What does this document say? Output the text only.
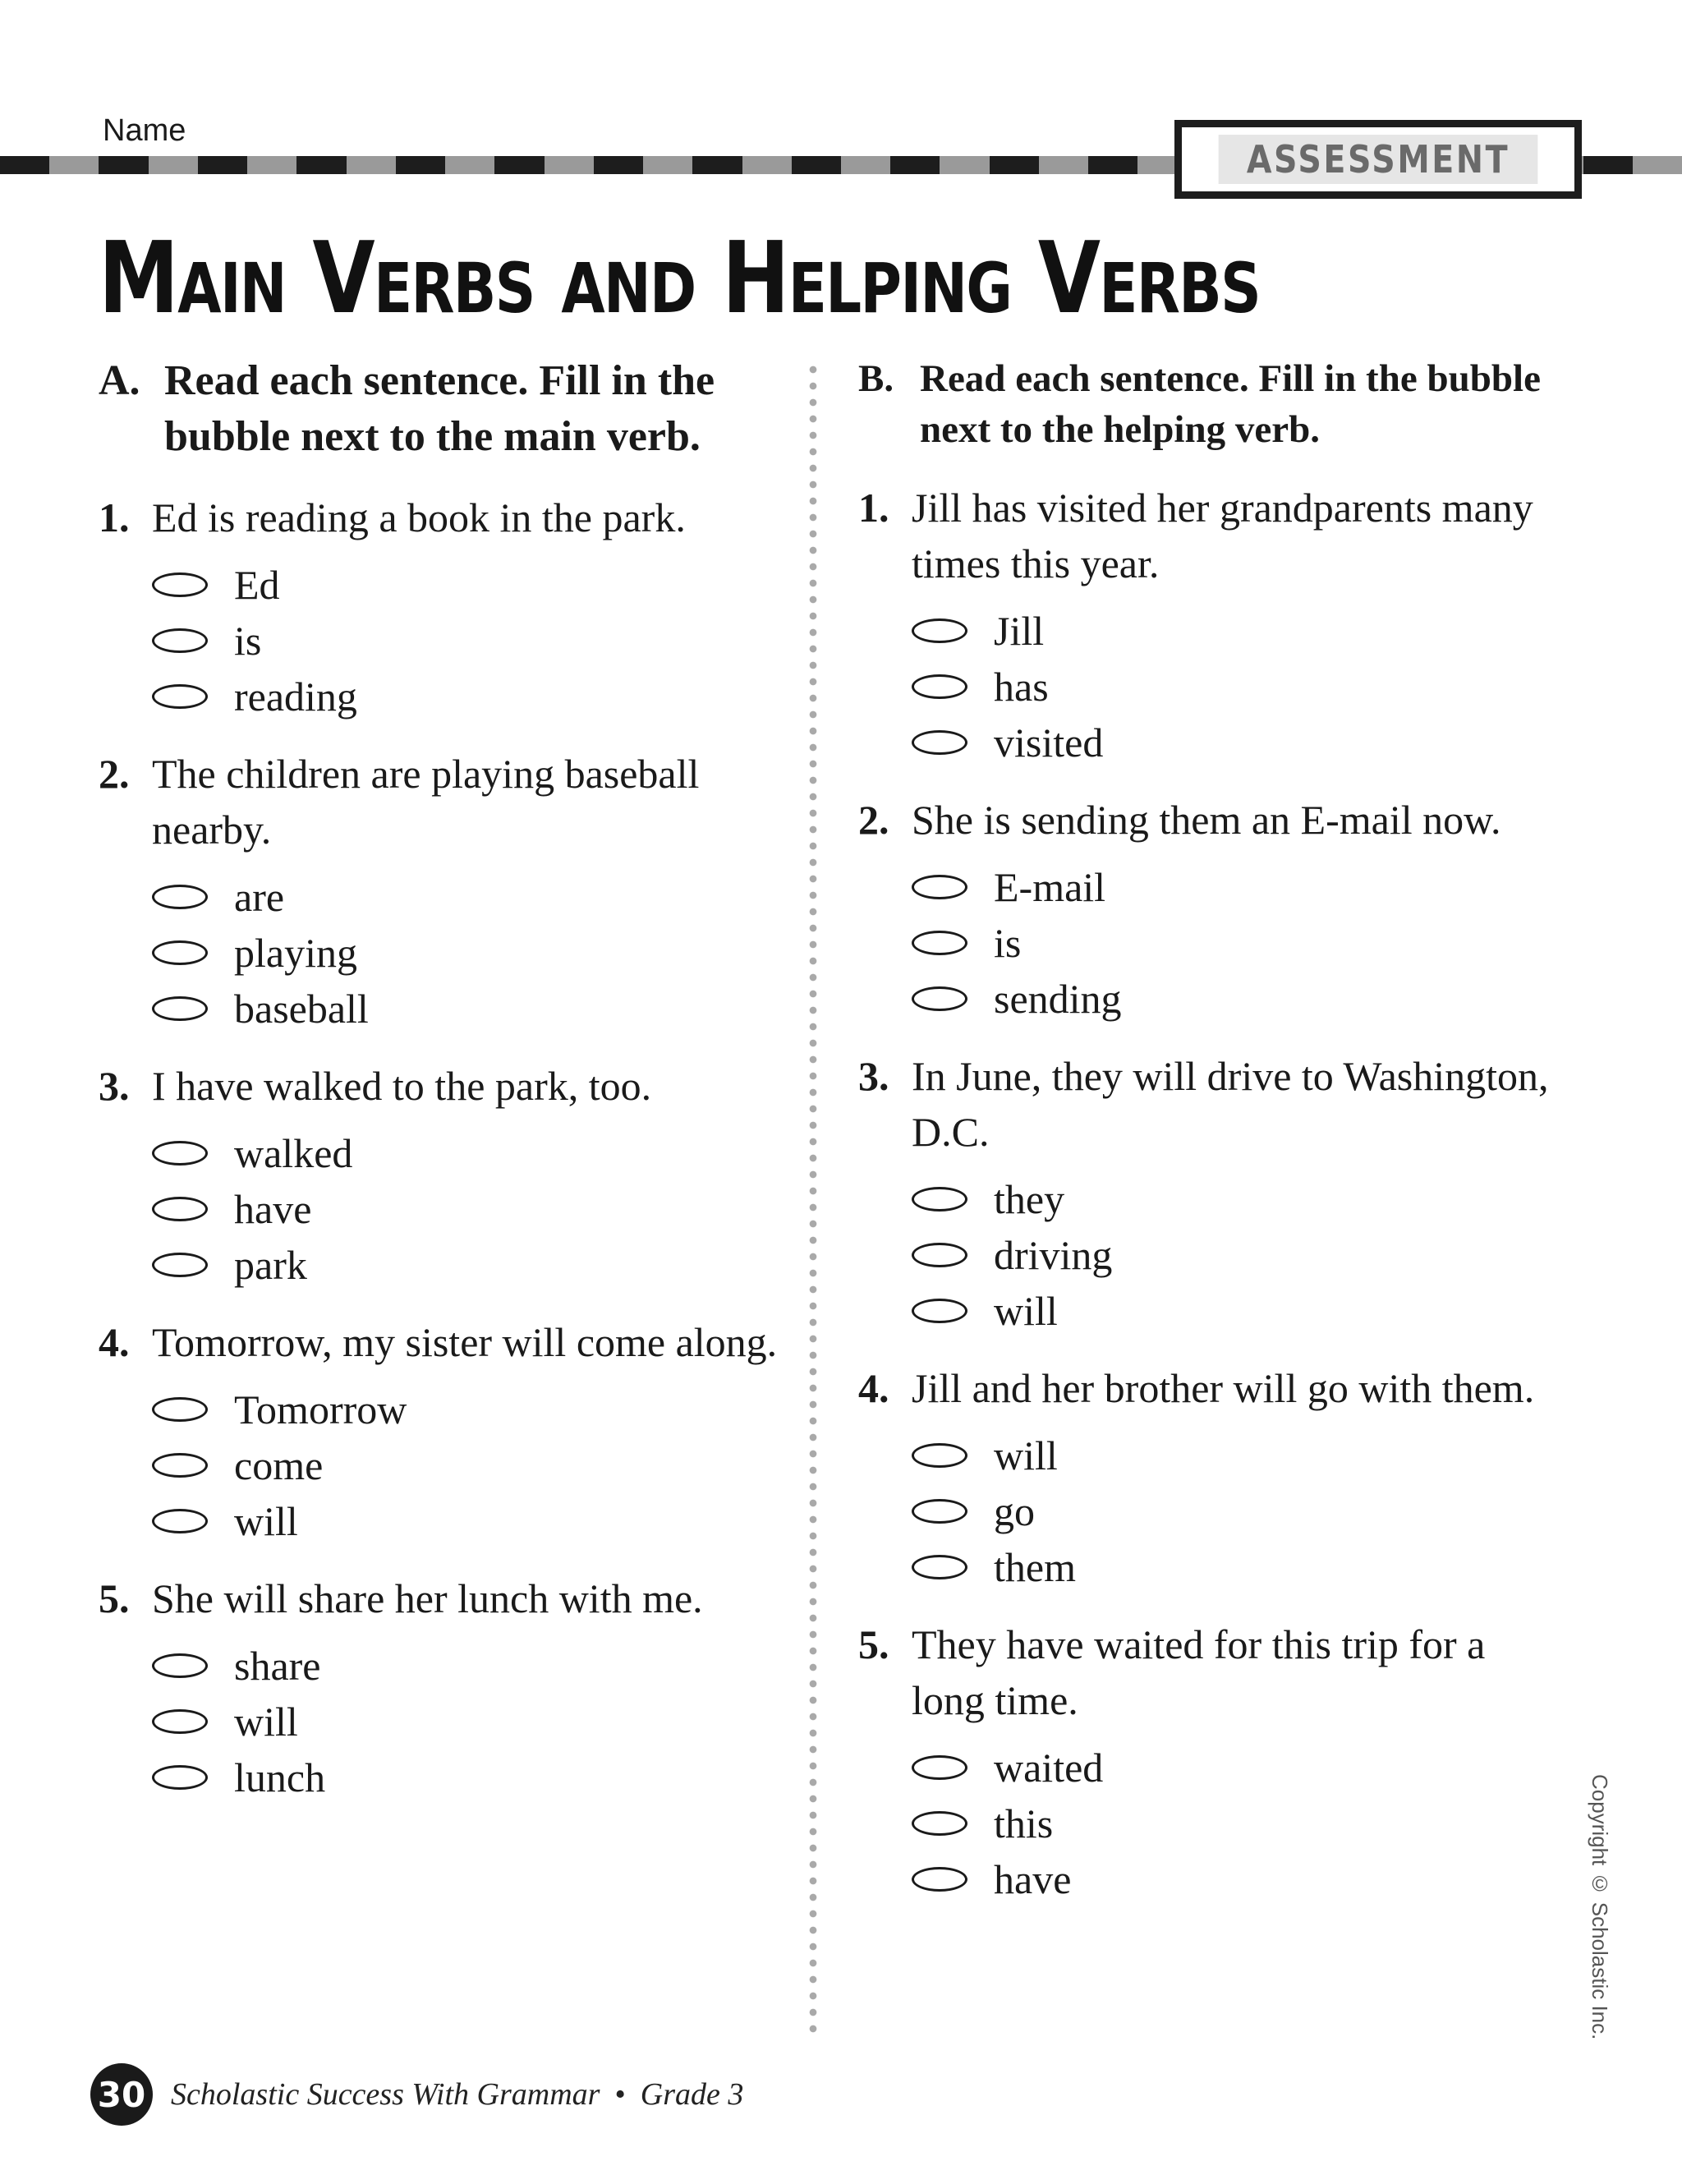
Name
ASSESSMENT
Main Verbs and Helping Verbs
A. Read each sentence. Fill in the bubble next to the main verb.
1. Ed is reading a book in the park.
Ed
is
reading
2. The children are playing baseball nearby.
are
playing
baseball
3. I have walked to the park, too.
walked
have
park
4. Tomorrow, my sister will come along.
Tomorrow
come
will
5. She will share her lunch with me.
share
will
lunch
B. Read each sentence. Fill in the bubble next to the helping verb.
1. Jill has visited her grandparents many times this year.
Jill
has
visited
2. She is sending them an E-mail now.
E-mail
is
sending
3. In June, they will drive to Washington, D.C.
they
driving
will
4. Jill and her brother will go with them.
will
go
them
5. They have waited for this trip for a long time.
waited
this
have	Copyright © Scholastic Inc.
30 Scholastic Success With Grammar • Grade 3
